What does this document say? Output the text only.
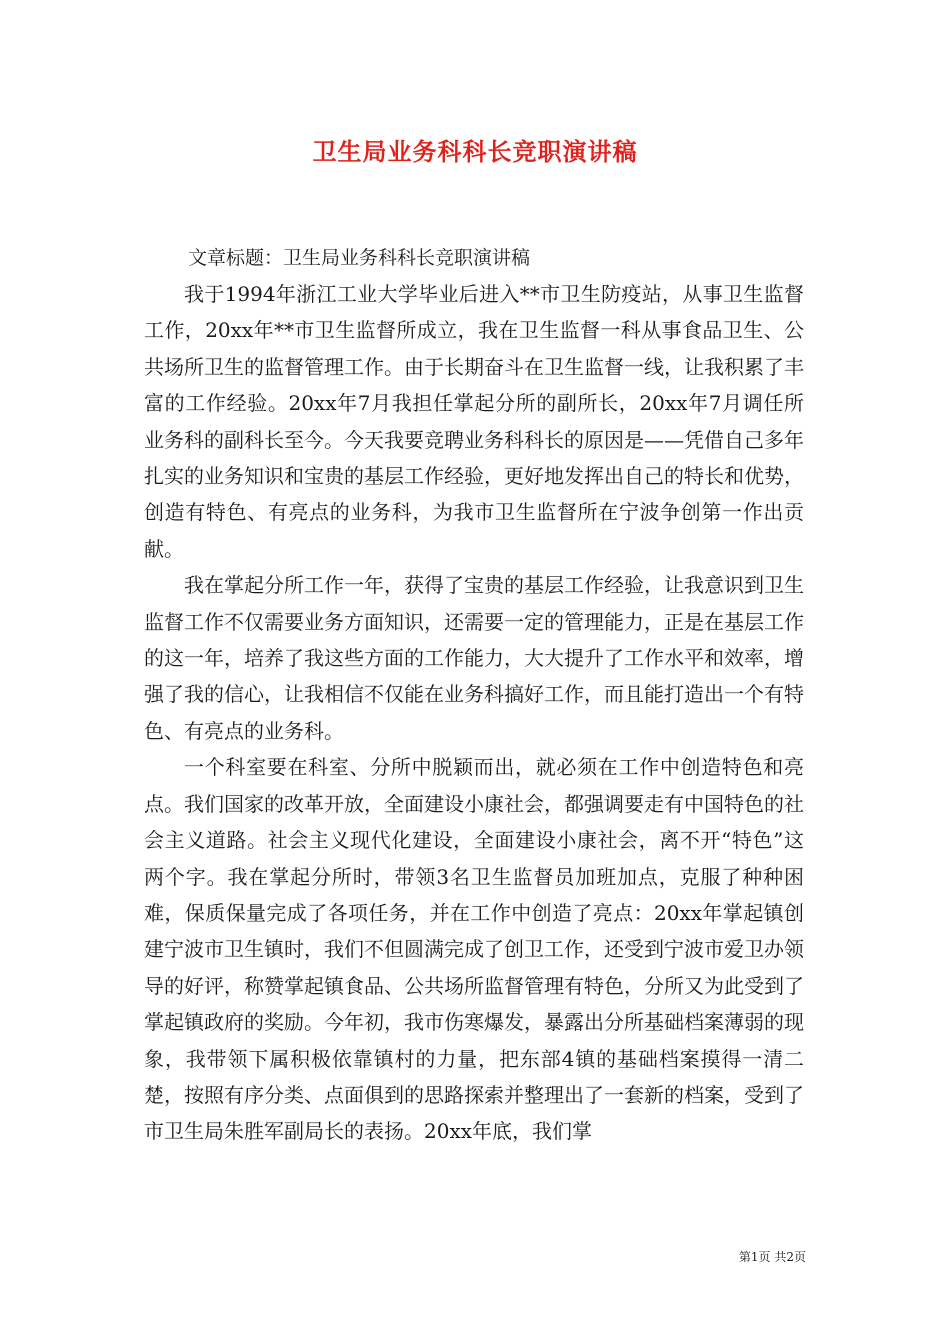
卫生局业务科科长竞职演讲稿

文章标题：卫生局业务科科长竞职演讲稿

我于1994年浙江工业大学毕业后进入**市卫生防疫站，从事卫生监督工作，20xx年**市卫生监督所成立，我在卫生监督一科从事食品卫生、公共场所卫生的监督管理工作。由于长期奋斗在卫生监督一线，让我积累了丰富的工作经验。20xx年7月我担任掌起分所的副所长，20xx年7月调任所业务科的副科长至今。今天我要竞聘业务科科长的原因是——凭借自己多年扎实的业务知识和宝贵的基层工作经验，更好地发挥出自己的特长和优势，创造有特色、有亮点的业务科，为我市卫生监督所在宁波争创第一作出贡献。

我在掌起分所工作一年，获得了宝贵的基层工作经验，让我意识到卫生监督工作不仅需要业务方面知识，还需要一定的管理能力，正是在基层工作的这一年，培养了我这些方面的工作能力，大大提升了工作水平和效率，增强了我的信心，让我相信不仅能在业务科搞好工作，而且能打造出一个有特色、有亮点的业务科。

一个科室要在科室、分所中脱颖而出，就必须在工作中创造特色和亮点。我们国家的改革开放，全面建设小康社会，都强调要走有中国特色的社会主义道路。社会主义现代化建设，全面建设小康社会，离不开“特色”这两个字。我在掌起分所时，带领3名卫生监督员加班加点，克服了种种困难，保质保量完成了各项任务，并在工作中创造了亮点：20xx年掌起镇创建宁波市卫生镇时，我们不但圆满完成了创卫工作，还受到宁波市爱卫办领导的好评，称赞掌起镇食品、公共场所监督管理有特色，分所又为此受到了掌起镇政府的奖励。今年初，我市伤寒爆发，暴露出分所基础档案薄弱的现象，我带领下属积极依靠镇村的力量，把东部4镇的基础档案摸得一清二楚，按照有序分类、点面俱到的思路探索并整理出了一套新的档案，受到了市卫生局朱胜军副局长的表扬。20xx年底，我们掌

第1页 共2页
